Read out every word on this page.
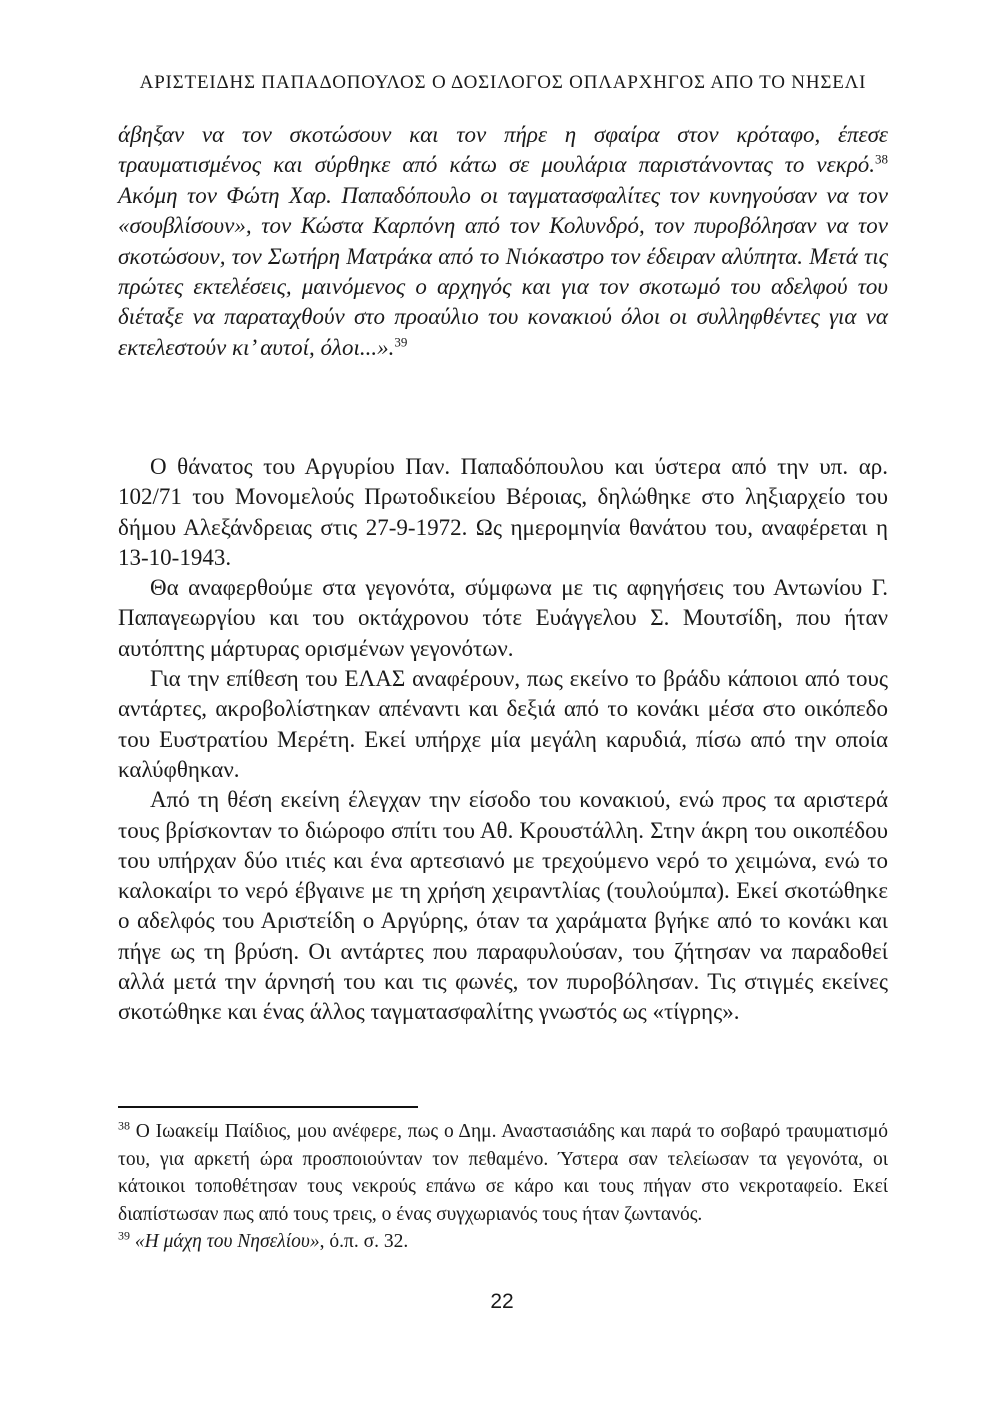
ΑΡΙΣΤΕΙΔΗΣ ΠΑΠΑΔΟΠΟΥΛΟΣ Ο ΔΟΣΙΛΟΓΟΣ ΟΠΛΑΡΧΗΓΟΣ ΑΠΟ ΤΟ ΝΗΣΕΛΙ

άβηξαν να τον σκοτώσουν και τον πήρε η σφαίρα στον κρόταφο, έπεσε τραυματισμένος και σύρθηκε από κάτω σε μουλάρια παριστάνοντας το νεκρό.$^{38}$ Ακόμη τον Φώτη Χαρ. Παπαδόπουλο οι ταγματασφαλίτες τον κυνηγούσαν να τον «σουβλίσουν», τον Κώστα Καρπόνη από τον Κολυνδρό, τον πυροβόλησαν να τον σκοτώσουν, τον Σωτήρη Ματράκα από το Νιόκαστρο τον έδειραν αλύπητα. Μετά τις πρώτες εκτελέσεις, μαινόμενος ο αρχηγός και για τον σκοτωμό του αδελφού του διέταξε να παραταχθούν στο προαύλιο του κονακιού όλοι οι συλληφθέντες για να εκτελεστούν κι’ αυτοί, όλοι...».$^{39}$

Ο θάνατος του Αργυρίου Παν. Παπαδόπουλου και ύστερα από την υπ. αρ. 102/71 του Μονομελούς Πρωτοδικείου Βέροιας, δηλώθηκε στο ληξιαρχείο του δήμου Αλεξάνδρειας στις 27-9-1972. Ως ημερομηνία θανάτου του, αναφέρεται η 13-10-1943.

Θα αναφερθούμε στα γεγονότα, σύμφωνα με τις αφηγήσεις του Αντωνίου Γ. Παπαγεωργίου και του οκτάχρονου τότε Ευάγγελου Σ. Μουτσίδη, που ήταν αυτόπτης μάρτυρας ορισμένων γεγονότων.

Για την επίθεση του ΕΛΑΣ αναφέρουν, πως εκείνο το βράδυ κάποιοι από τους αντάρτες, ακροβολίστηκαν απέναντι και δεξιά από το κονάκι μέσα στο οικόπεδο του Ευστρατίου Μερέτη. Εκεί υπήρχε μία μεγάλη καρυδιά, πίσω από την οποία καλύφθηκαν.

Από τη θέση εκείνη έλεγχαν την είσοδο του κονακιού, ενώ προς τα αριστερά τους βρίσκονταν το διώροφο σπίτι του Αθ. Κρουστάλλη. Στην άκρη του οικοπέδου του υπήρχαν δύο ιτιές και ένα αρτεσιανό με τρεχούμενο νερό το χειμώνα, ενώ το καλοκαίρι το νερό έβγαινε με τη χρήση χειραντλίας (τουλούμπα). Εκεί σκοτώθηκε ο αδελφός του Αριστείδη ο Αργύρης, όταν τα χαράματα βγήκε από το κονάκι και πήγε ως τη βρύση. Οι αντάρτες που παραφυλούσαν, του ζήτησαν να παραδοθεί αλλά μετά την άρνησή του και τις φωνές, τον πυροβόλησαν. Τις στιγμές εκείνες σκοτώθηκε και ένας άλλος ταγματασφαλίτης γνωστός ως «τίγρης».

$^{38}$ Ο Ιωακείμ Παίδιος, μου ανέφερε, πως ο Δημ. Αναστασιάδης και παρά το σοβαρό τραυματισμό του, για αρκετή ώρα προσποιούνταν τον πεθαμένο. Ύστερα σαν τελείωσαν τα γεγονότα, οι κάτοικοι τοποθέτησαν τους νεκρούς επάνω σε κάρο και τους πήγαν στο νεκροταφείο. Εκεί διαπίστωσαν πως από τους τρεις, ο ένας συγχωριανός τους ήταν ζωντανός.

$^{39}$ «Η μάχη του Νησελίου», ό.π. σ. 32.

22
